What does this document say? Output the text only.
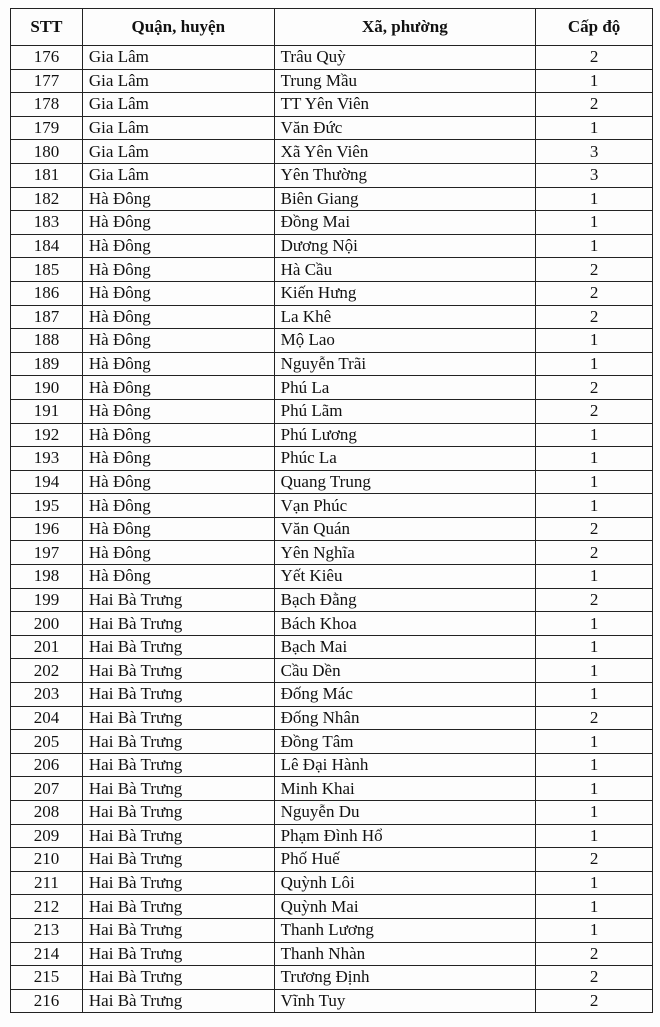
STT	Quận, huyện	Xã, phường	Cấp độ
176	Gia Lâm	Trâu Quỳ	2
177	Gia Lâm	Trung Mầu	1
178	Gia Lâm	TT Yên Viên	2
179	Gia Lâm	Văn Đức	1
180	Gia Lâm	Xã Yên Viên	3
181	Gia Lâm	Yên Thường	3
182	Hà Đông	Biên Giang	1
183	Hà Đông	Đồng Mai	1
184	Hà Đông	Dương Nội	1
185	Hà Đông	Hà Cầu	2
186	Hà Đông	Kiến Hưng	2
187	Hà Đông	La Khê	2
188	Hà Đông	Mộ Lao	1
189	Hà Đông	Nguyễn Trãi	1
190	Hà Đông	Phú La	2
191	Hà Đông	Phú Lãm	2
192	Hà Đông	Phú Lương	1
193	Hà Đông	Phúc La	1
194	Hà Đông	Quang Trung	1
195	Hà Đông	Vạn Phúc	1
196	Hà Đông	Văn Quán	2
197	Hà Đông	Yên Nghĩa	2
198	Hà Đông	Yết Kiêu	1
199	Hai Bà Trưng	Bạch Đằng	2
200	Hai Bà Trưng	Bách Khoa	1
201	Hai Bà Trưng	Bạch Mai	1
202	Hai Bà Trưng	Cầu Dền	1
203	Hai Bà Trưng	Đống Mác	1
204	Hai Bà Trưng	Đống Nhân	2
205	Hai Bà Trưng	Đồng Tâm	1
206	Hai Bà Trưng	Lê Đại Hành	1
207	Hai Bà Trưng	Minh Khai	1
208	Hai Bà Trưng	Nguyễn Du	1
209	Hai Bà Trưng	Phạm Đình Hổ	1
210	Hai Bà Trưng	Phố Huế	2
211	Hai Bà Trưng	Quỳnh Lôi	1
212	Hai Bà Trưng	Quỳnh Mai	1
213	Hai Bà Trưng	Thanh Lương	1
214	Hai Bà Trưng	Thanh Nhàn	2
215	Hai Bà Trưng	Trương Định	2
216	Hai Bà Trưng	Vĩnh Tuy	2
